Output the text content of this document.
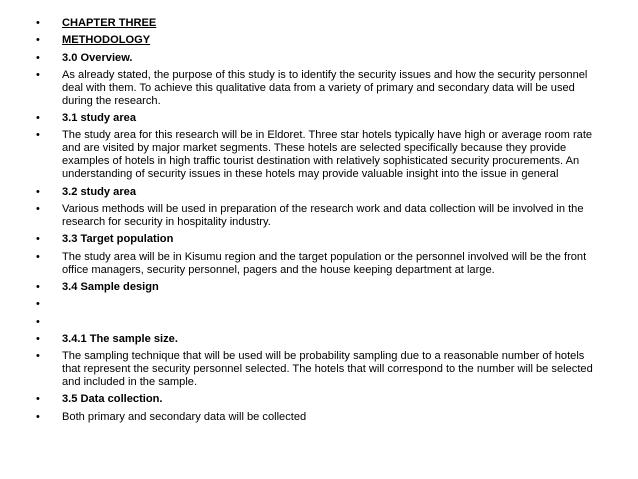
•	CHAPTER THREE
•	METHODOLOGY
•	3.0 Overview.
•	As already stated, the purpose of this study is to identify the security issues and how the security personnel deal with them. To achieve this qualitative data from a variety of primary and secondary data will be used during the research.
•	3.1 study area
•	The study area for this research will be in Eldoret. Three star hotels typically have high or average room rate and are visited by major market segments. These hotels are selected specifically because they provide examples of hotels in high traffic tourist destination with relatively sophisticated security procurements. An understanding of security issues in these hotels may provide valuable insight into the issue in general
•	3.2 study area
•	Various methods will be used in preparation of the research work and data collection will be involved in the research for security in hospitality industry.
•	3.3 Target population
•	The study area will be in Kisumu region and the target population or the personnel involved will be the front office managers, security personnel, pagers and the house keeping department at large.
•	3.4 Sample design
•
•
•	3.4.1 The sample size.
•	The sampling technique that will be used will be probability sampling due to a reasonable number of hotels that represent the security personnel selected. The hotels that will correspond to the number will be selected and included in the sample.
•	3.5 Data collection.
•	Both primary and secondary data will be collected
